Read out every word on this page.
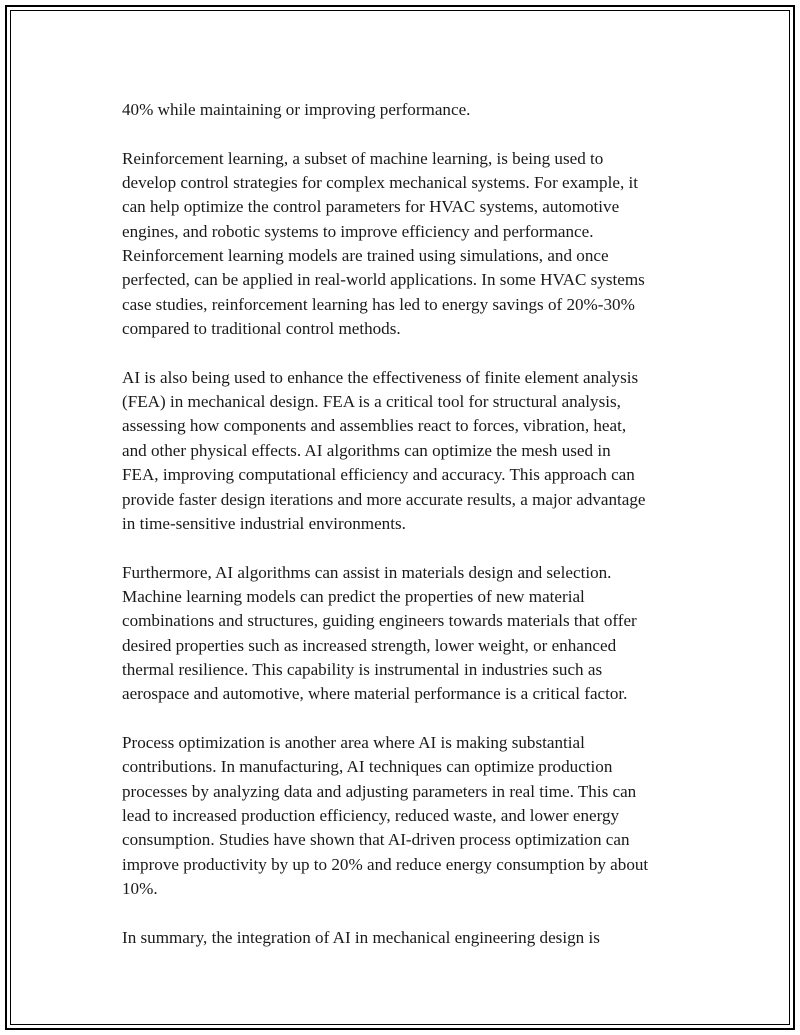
40% while maintaining or improving performance.

Reinforcement learning, a subset of machine learning, is being used to
develop control strategies for complex mechanical systems. For example, it
can help optimize the control parameters for HVAC systems, automotive
engines, and robotic systems to improve efficiency and performance.
Reinforcement learning models are trained using simulations, and once
perfected, can be applied in real-world applications. In some HVAC systems
case studies, reinforcement learning has led to energy savings of 20%-30%
compared to traditional control methods.

AI is also being used to enhance the effectiveness of finite element analysis
(FEA) in mechanical design. FEA is a critical tool for structural analysis,
assessing how components and assemblies react to forces, vibration, heat,
and other physical effects. AI algorithms can optimize the mesh used in
FEA, improving computational efficiency and accuracy. This approach can
provide faster design iterations and more accurate results, a major advantage
in time-sensitive industrial environments.

Furthermore, AI algorithms can assist in materials design and selection.
Machine learning models can predict the properties of new material
combinations and structures, guiding engineers towards materials that offer
desired properties such as increased strength, lower weight, or enhanced
thermal resilience. This capability is instrumental in industries such as
aerospace and automotive, where material performance is a critical factor.

Process optimization is another area where AI is making substantial
contributions. In manufacturing, AI techniques can optimize production
processes by analyzing data and adjusting parameters in real time. This can
lead to increased production efficiency, reduced waste, and lower energy
consumption. Studies have shown that AI-driven process optimization can
improve productivity by up to 20% and reduce energy consumption by about
10%.

In summary, the integration of AI in mechanical engineering design is
